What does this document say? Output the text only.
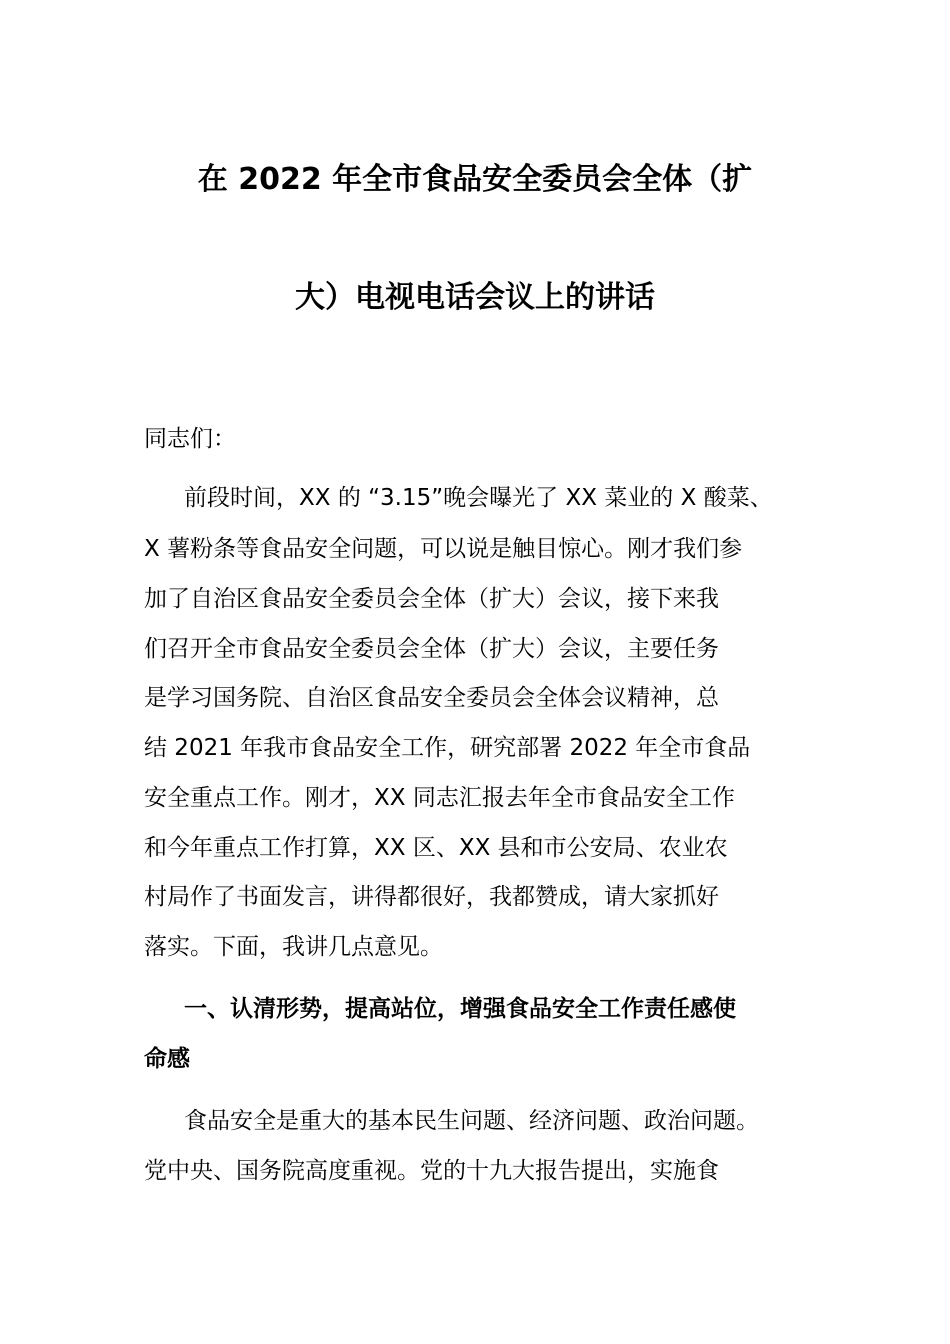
在 2022 年全市食品安全委员会全体（扩
大）电视电话会议上的讲话
同志们：
前段时间，XX 的 “3.15”晚会曝光了 XX 菜业的 X 酸菜、
X 薯粉条等食品安全问题，可以说是触目惊心。刚才我们参
加了自治区食品安全委员会全体（扩大）会议，接下来我
们召开全市食品安全委员会全体（扩大）会议，主要任务
是学习国务院、自治区食品安全委员会全体会议精神，总
结 2021 年我市食品安全工作，研究部署 2022 年全市食品
安全重点工作。刚才，XX 同志汇报去年全市食品安全工作
和今年重点工作打算，XX 区、XX 县和市公安局、农业农
村局作了书面发言，讲得都很好，我都赞成，请大家抓好
落实。下面，我讲几点意见。
一、认清形势，提高站位，增强食品安全工作责任感使
命感
食品安全是重大的基本民生问题、经济问题、政治问题。
党中央、国务院高度重视。党的十九大报告提出，实施食
